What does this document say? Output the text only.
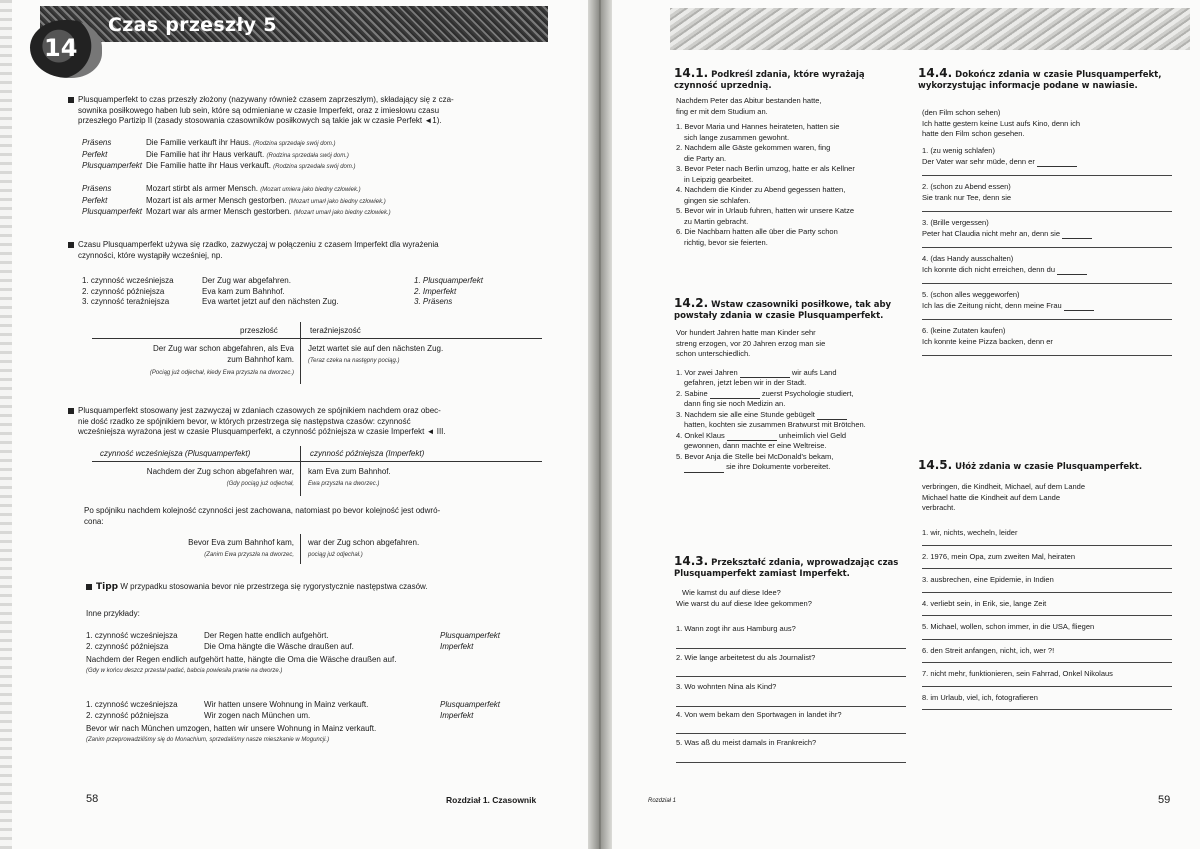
14
Czas przeszły 5
Plusquamperfekt to czas przeszły złożony (nazywany również czasem zaprzeszłym), składający się z cza-
sownika posiłkowego haben lub sein, które są odmieniane w czasie Imperfekt, oraz z imiesłowu czasu
przeszłego Partizip II (zasady stosowania czasowników posiłkowych są takie jak w czasie Perfekt ◄1).
Präsens	Die Familie verkauft ihr Haus. (Rodzina sprzedaje swój dom.)
Perfekt	Die Familie hat ihr Haus verkauft. (Rodzina sprzedała swój dom.)
Plusquamperfekt Die Familie hatte ihr Haus verkauft. (Rodzina sprzedała swój dom.)
Präsens	Mozart stirbt als armer Mensch. (Mozart umiera jako biedny człowiek.)
Perfekt	Mozart ist als armer Mensch gestorben. (Mozart umarł jako biedny człowiek.)
Plusquamperfekt Mozart war als armer Mensch gestorben. (Mozart umarł jako biedny człowiek.)
Czasu Plusquamperfekt używa się rzadko, zazwyczaj w połączeniu z czasem Imperfekt dla wyrażenia
czynności, które wystąpiły wcześniej, np.
1. czynność wcześniejsza	Der Zug war abgefahren.	1. Plusquamperfekt
2. czynność późniejsza	Eva kam zum Bahnhof.	2. Imperfekt
3. czynność teraźniejsza	Eva wartet jetzt auf den nächsten Zug.	3. Präsens
przeszłość	teraźniejszość
Der Zug war schon abgefahren, als Eva
zum Bahnhof kam.
(Pociąg już odjechał, kiedy Ewa przyszła na dworzec.)
Jetzt wartet sie auf den nächsten Zug.
(Teraz czeka na następny pociąg.)
Plusquamperfekt stosowany jest zazwyczaj w zdaniach czasowych ze spójnikiem nachdem oraz obec-
nie dość rzadko ze spójnikiem bevor, w których przestrzega się następstwa czasów: czynność
wcześniejsza wyrażona jest w czasie Plusquamperfekt, a czynność późniejsza w czasie Imperfekt ◄ III.
czynność wcześniejsza (Plusquamperfekt)	czynność późniejsza (Imperfekt)
Nachdem der Zug schon abgefahren war,
(Gdy pociąg już odjechał,
kam Eva zum Bahnhof.
Ewa przyszła na dworzec.)
Po spójniku nachdem kolejność czynności jest zachowana, natomiast po bevor kolejność jest odwró-
cona:
Bevor Eva zum Bahnhof kam,
(Zanim Ewa przyszła na dworzec,
war der Zug schon abgefahren.
pociąg już odjechał.)
Tipp W przypadku stosowania bevor nie przestrzega się rygorystycznie następstwa czasów.
Inne przykłady:
1. czynność wcześniejsza	Der Regen hatte endlich aufgehört.	Plusquamperfekt
2. czynność późniejsza	Die Oma hängte die Wäsche draußen auf.	Imperfekt
Nachdem der Regen endlich aufgehört hatte, hängte die Oma die Wäsche draußen auf.
(Gdy w końcu deszcz przestał padać, babcia powiesiła pranie na dworze.)
1. czynność wcześniejsza	Wir hatten unsere Wohnung in Mainz verkauft.	Plusquamperfekt
2. czynność późniejsza	Wir zogen nach München um.	Imperfekt
Bevor wir nach München umzogen, hatten wir unsere Wohnung in Mainz verkauft.
(Zanim przeprowadziliśmy się do Monachium, sprzedaliśmy nasze mieszkanie w Moguncji.)
58	Rozdział 1. Czasownik
14.1. Podkreśl zdania, które wyrażają czynność uprzednią.
Nachdem Peter das Abitur bestanden hatte,
fing er mit dem Studium an.
1. Bevor Maria und Hannes heirateten, hatten sie
sich lange zusammen gewohnt.
2. Nachdem alle Gäste gekommen waren, fing
die Party an.
3. Bevor Peter nach Berlin umzog, hatte er als Kellner
in Leipzig gearbeitet.
4. Nachdem die Kinder zu Abend gegessen hatten,
gingen sie schlafen.
5. Bevor wir in Urlaub fuhren, hatten wir unsere Katze
zu Martin gebracht.
6. Die Nachbarn hatten alle über die Party schon
richtig, bevor sie feierten.
14.2. Wstaw czasowniki posiłkowe, tak aby powstały zdania w czasie Plusquamperfekt.
Vor hundert Jahren hatte man Kinder sehr
streng erzogen, vor 20 Jahren erzog man sie
schon unterschiedlich.
1. Vor zwei Jahren	wir aufs Land
gefahren, jetzt leben wir in der Stadt.
2. Sabine	zuerst Psychologie studiert,
dann fing sie noch Medizin an.
3. Nachdem sie alle eine Stunde gebügelt
hatten, kochten sie zusammen Bratwurst mit Brötchen.
4. Onkel Klaus	unheimlich viel Geld
gewonnen, dann machte er eine Weltreise.
5. Bevor Anja die Stelle bei McDonald's bekam,
sie ihre Dokumente vorbereitet.
14.3. Przekształć zdania, wprowadzając czas Plusquamperfekt zamiast Imperfekt.
Wie kamst du auf diese Idee?
Wie warst du auf diese Idee gekommen?
1. Wann zogt ihr aus Hamburg aus?
2. Wie lange arbeitetest du als Journalist?
3. Wo wohnten Nina als Kind?
4. Von wem bekam den Sportwagen in landet ihr?
5. Was aß du meist damals in Frankreich?
14.4. Dokończ zdania w czasie Plusquamperfekt, wykorzystując informacje podane w nawiasie.
(den Film schon sehen)
Ich hatte gestern keine Lust aufs Kino, denn ich
hatte den Film schon gesehen.
1. (zu wenig schlafen)
Der Vater war sehr müde, denn er
2. (schon zu Abend essen)
Sie trank nur Tee, denn sie
3. (Brille vergessen)
Peter hat Claudia nicht mehr an, denn sie
4. (das Handy ausschalten)
Ich konnte dich nicht erreichen, denn du
5. (schon alles weggeworfen)
Ich las die Zeitung nicht, denn meine Frau
6. (keine Zutaten kaufen)
Ich konnte keine Pizza backen, denn er
14.5. Ułóż zdania w czasie Plusquamperfekt.
verbringen, die Kindheit, Michael, auf dem Lande
Michael hatte die Kindheit auf dem Lande
verbracht.
1. wir, nichts, wecheln, leider
2. 1976, mein Opa, zum zweiten Mal, heiraten
3. ausbrechen, eine Epidemie, in Indien
4. verliebt sein, in Erik, sie, lange Zeit
5. Michael, wollen, schon immer, in die USA, fliegen
6. den Streit anfangen, nicht, ich, wer ?!
7. nicht mehr, funktionieren, sein Fahrrad, Onkel Nikolaus
8. im Urlaub, viel, ich, fotografieren
Rozdział 1	59
